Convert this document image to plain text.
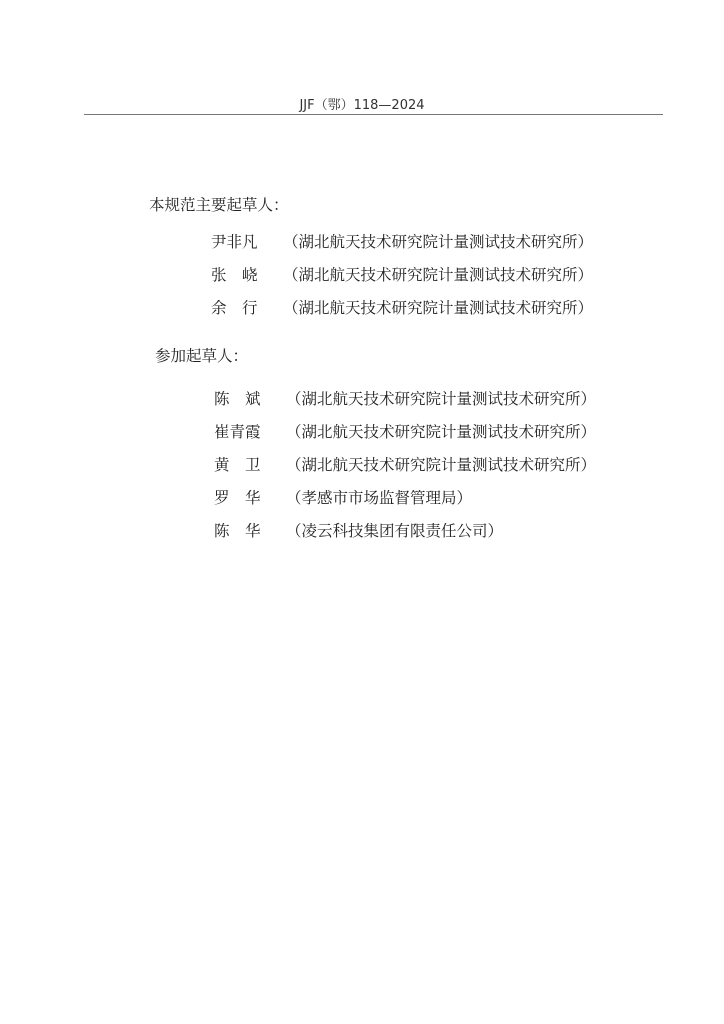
JJF（鄂）118—2024
本规范主要起草人：
尹非凡 （湖北航天技术研究院计量测试技术研究所）
张　峣 （湖北航天技术研究院计量测试技术研究所）
余　行 （湖北航天技术研究院计量测试技术研究所）
参加起草人：
陈　斌 （湖北航天技术研究院计量测试技术研究所）
崔青霞 （湖北航天技术研究院计量测试技术研究所）
黄　卫 （湖北航天技术研究院计量测试技术研究所）
罗　华 （孝感市市场监督管理局）
陈　华 （凌云科技集团有限责任公司）
